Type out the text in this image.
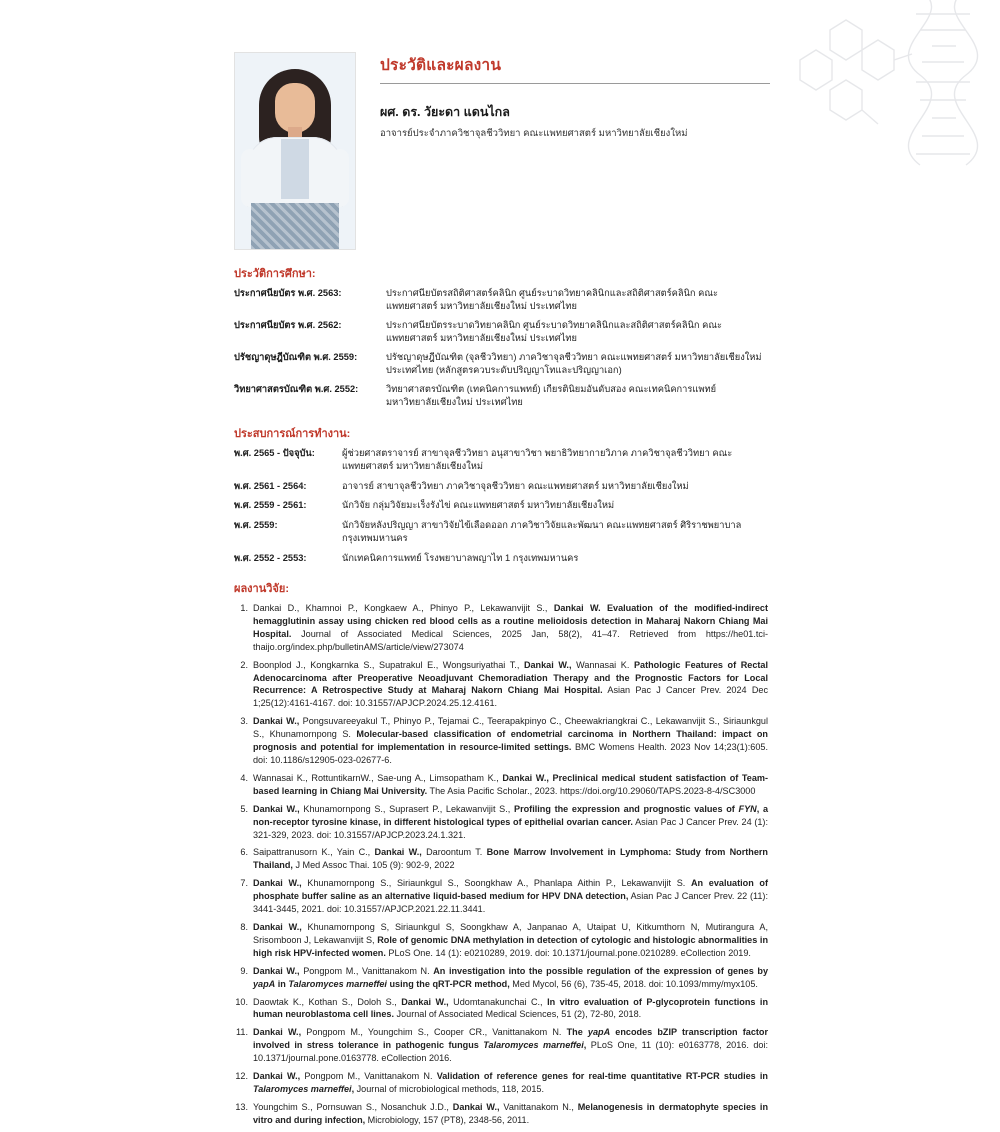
ประวัติและผลงาน
ผศ. ดร. วัยะดา แดนไกล
อาจารย์ประจำภาควิชาจุลชีววิทยา คณะแพทยศาสตร์ มหาวิทยาลัยเชียงใหม่
ประวัติการศึกษา:
ประกาศนียบัตร พ.ศ. 2563:	ประกาศนียบัตรสถิติศาสตร์คลินิก ศูนย์ระบาดวิทยาคลินิกและสถิติศาสตร์คลินิก คณะแพทยศาสตร์ มหาวิทยาลัยเชียงใหม่ ประเทศไทย
ประกาศนียบัตร พ.ศ. 2562:	ประกาศนียบัตรระบาดวิทยาคลินิก ศูนย์ระบาดวิทยาคลินิกและสถิติศาสตร์คลินิก คณะแพทยศาสตร์ มหาวิทยาลัยเชียงใหม่ ประเทศไทย
ปรัชญาดุษฎีบัณฑิต พ.ศ. 2559:	ปรัชญาดุษฎีบัณฑิต (จุลชีววิทยา) ภาควิชาจุลชีววิทยา คณะแพทยศาสตร์ มหาวิทยาลัยเชียงใหม่ ประเทศไทย (หลักสูตรควบระดับปริญญาโทและปริญญาเอก)
วิทยาศาสตรบัณฑิต พ.ศ. 2552:	วิทยาศาสตรบัณฑิต (เทคนิคการแพทย์) เกียรตินิยมอันดับสอง คณะเทคนิคการแพทย์ มหาวิทยาลัยเชียงใหม่ ประเทศไทย
ประสบการณ์การทำงาน:
พ.ศ. 2565 - ปัจจุบัน:	ผู้ช่วยศาสตราจารย์ สาขาจุลชีววิทยา อนุสาขาวิชา พยาธิวิทยากายวิภาค ภาควิชาจุลชีววิทยา คณะแพทยศาสตร์ มหาวิทยาลัยเชียงใหม่
พ.ศ. 2561 - 2564:	อาจารย์ สาขาจุลชีววิทยา ภาควิชาจุลชีววิทยา คณะแพทยศาสตร์ มหาวิทยาลัยเชียงใหม่
พ.ศ. 2559 - 2561:	นักวิจัย กลุ่มวิจัยมะเร็งรังไข่ คณะแพทยศาสตร์ มหาวิทยาลัยเชียงใหม่
พ.ศ. 2559:	นักวิจัยหลังปริญญา สาขาวิจัยไข้เลือดออก ภาควิชาวิจัยและพัฒนา คณะแพทยศาสตร์ ศิริราชพยาบาล กรุงเทพมหานคร
พ.ศ. 2552 - 2553:	นักเทคนิคการแพทย์ โรงพยาบาลพญาไท 1 กรุงเทพมหานคร
ผลงานวิจัย:
1. Dankai D., Khamnoi P., Kongkaew A., Phinyo P., Lekawanvijit S., Dankai W. Evaluation of the modified-indirect hemagglutinin assay using chicken red blood cells as a routine melioidosis detection in Maharaj Nakorn Chiang Mai Hospital. Journal of Associated Medical Sciences, 2025 Jan, 58(2), 41–47. Retrieved from https://he01.tci-thaijo.org/index.php/bulletinAMS/article/view/273074
2. Boonplod J., Kongkarnka S., Supatrakul E., Wongsuriyathai T., Dankai W., Wannasai K. Pathologic Features of Rectal Adenocarcinoma after Preoperative Neoadjuvant Chemoradiation Therapy and the Prognostic Factors for Local Recurrence: A Retrospective Study at Maharaj Nakorn Chiang Mai Hospital. Asian Pac J Cancer Prev. 2024 Dec 1;25(12):4161-4167. doi: 10.31557/APJCP.2024.25.12.4161.
3. Dankai W., Pongsuvareeyakul T., Phinyo P., Tejamai C., Teerapakpinyo C., Cheewakriangkrai C., Lekawanvijit S., Siriaunkgul S., Khunamornpong S. Molecular-based classification of endometrial carcinoma in Northern Thailand: impact on prognosis and potential for implementation in resource-limited settings. BMC Womens Health. 2023 Nov 14;23(1):605. doi: 10.1186/s12905-023-02677-6.
4. Wannasai K., RottuntikarnW., Sae-ung A., Limsopatham K., Dankai W., Preclinical medical student satisfaction of Team-based learning in Chiang Mai University. The Asia Pacific Scholar., 2023. https://doi.org/10.29060/TAPS.2023-8-4/SC3000
5. Dankai W., Khunamornpong S., Suprasert P., Lekawanvijit S., Profiling the expression and prognostic values of FYN, a non-receptor tyrosine kinase, in different histological types of epithelial ovarian cancer. Asian Pac J Cancer Prev. 24 (1): 321-329, 2023. doi: 10.31557/APJCP.2023.24.1.321.
6. Saipattranusorn K., Yain C., Dankai W., Daroontum T. Bone Marrow Involvement in Lymphoma: Study from Northern Thailand, J Med Assoc Thai. 105 (9): 902-9, 2022
7. Dankai W., Khunamornpong S., Siriaunkgul S., Soongkhaw A., Phanlapa Aithin P., Lekawanvijit S. An evaluation of phosphate buffer saline as an alternative liquid-based medium for HPV DNA detection, Asian Pac J Cancer Prev. 22 (11): 3441-3445, 2021. doi: 10.31557/APJCP.2021.22.11.3441.
8. Dankai W., Khunamornpong S, Siriaunkgul S, Soongkhaw A, Janpanao A, Utaipat U, Kitkumthorn N, Mutirangura A, Srisomboon J, Lekawanvijit S, Role of genomic DNA methylation in detection of cytologic and histologic abnormalities in high risk HPV-infected women. PLoS One. 14 (1): e0210289, 2019. doi: 10.1371/journal.pone.0210289. eCollection 2019.
9. Dankai W., Pongpom M., Vanittanakom N. An investigation into the possible regulation of the expression of genes by yapA in Talaromyces marneffei using the qRT-PCR method, Med Mycol, 56 (6), 735-45, 2018. doi: 10.1093/mmy/myx105.
10. Daowtak K., Kothan S., Doloh S., Dankai W., Udomtanakunchai C., In vitro evaluation of P-glycoprotein functions in human neuroblastoma cell lines. Journal of Associated Medical Sciences, 51 (2), 72-80, 2018.
11. Dankai W., Pongpom M., Youngchim S., Cooper CR., Vanittanakom N. The yapA encodes bZIP transcription factor involved in stress tolerance in pathogenic fungus Talaromyces marneffei, PLoS One, 11 (10): e0163778, 2016. doi: 10.1371/journal.pone.0163778. eCollection 2016.
12. Dankai W., Pongpom M., Vanittanakom N. Validation of reference genes for real-time quantitative RT-PCR studies in Talaromyces marneffei, Journal of microbiological methods, 118, 2015.
13. Youngchim S., Pornsuwan S., Nosanchuk J.D., Dankai W., Vanittanakom N., Melanogenesis in dermatophyte species in vitro and during infection, Microbiology, 157 (PT8), 2348-56, 2011.
